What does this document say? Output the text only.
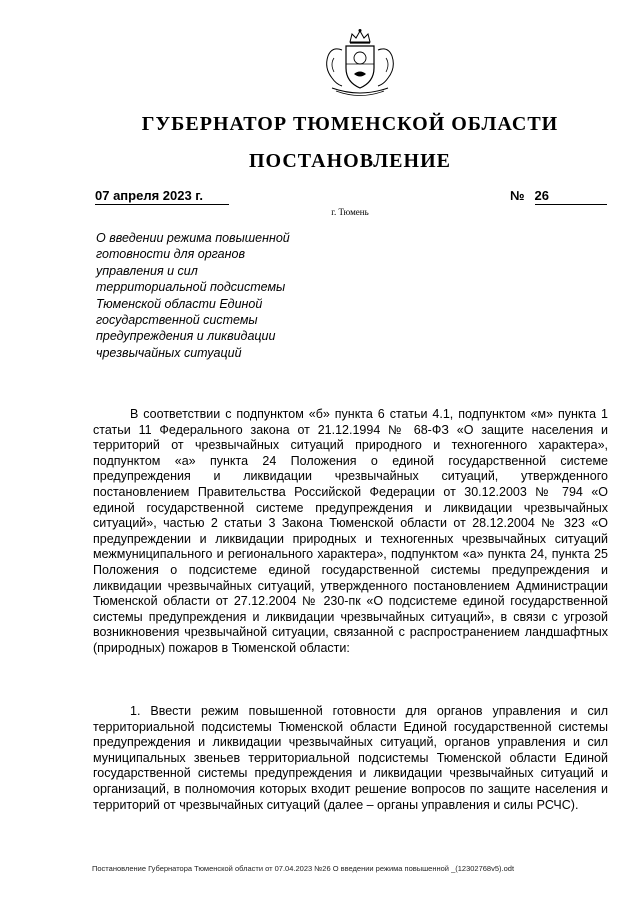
ГУБЕРНАТОР ТЮМЕНСКОЙ ОБЛАСТИ
ПОСТАНОВЛЕНИЕ
07 апреля 2023 г.	№ 26
г. Тюмень
О введении режима повышенной
готовности для органов
управления и сил
территориальной подсистемы
Тюменской области Единой
государственной системы
предупреждения и ликвидации
чрезвычайных ситуаций

В соответствии с подпунктом «б» пункта 6 статьи 4.1, подпунктом «м» пункта 1 статьи 11 Федерального закона от 21.12.1994 № 68-ФЗ «О защите населения и территорий от чрезвычайных ситуаций природного и техногенного характера», подпунктом «а» пункта 24 Положения о единой государственной системе предупреждения и ликвидации чрезвычайных ситуаций, утвержденного постановлением Правительства Российской Федерации от 30.12.2003 № 794 «О единой государственной системе предупреждения и ликвидации чрезвычайных ситуаций», частью 2 статьи 3 Закона Тюменской области от 28.12.2004 № 323 «О предупреждении и ликвидации природных и техногенных чрезвычайных ситуаций межмуниципального и регионального характера», подпунктом «а» пункта 24, пункта 25 Положения о подсистеме единой государственной системы предупреждения и ликвидации чрезвычайных ситуаций, утвержденного постановлением Администрации Тюменской области от 27.12.2004 № 230-пк «О подсистеме единой государственной системы предупреждения и ликвидации чрезвычайных ситуаций», в связи с угрозой возникновения чрезвычайной ситуации, связанной с распространением ландшафтных (природных) пожаров в Тюменской области:

1. Ввести режим повышенной готовности для органов управления и сил территориальной подсистемы Тюменской области Единой государственной системы предупреждения и ликвидации чрезвычайных ситуаций, органов управления и сил муниципальных звеньев территориальной подсистемы Тюменской области Единой государственной системы предупреждения и ликвидации чрезвычайных ситуаций и организаций, в полномочия которых входит решение вопросов по защите населения и территорий от чрезвычайных ситуаций (далее – органы управления и силы РСЧС).

Постановление Губернатора Тюменской области от 07.04.2023 №26 О введении режима повышенной _(12302768v5).odt
